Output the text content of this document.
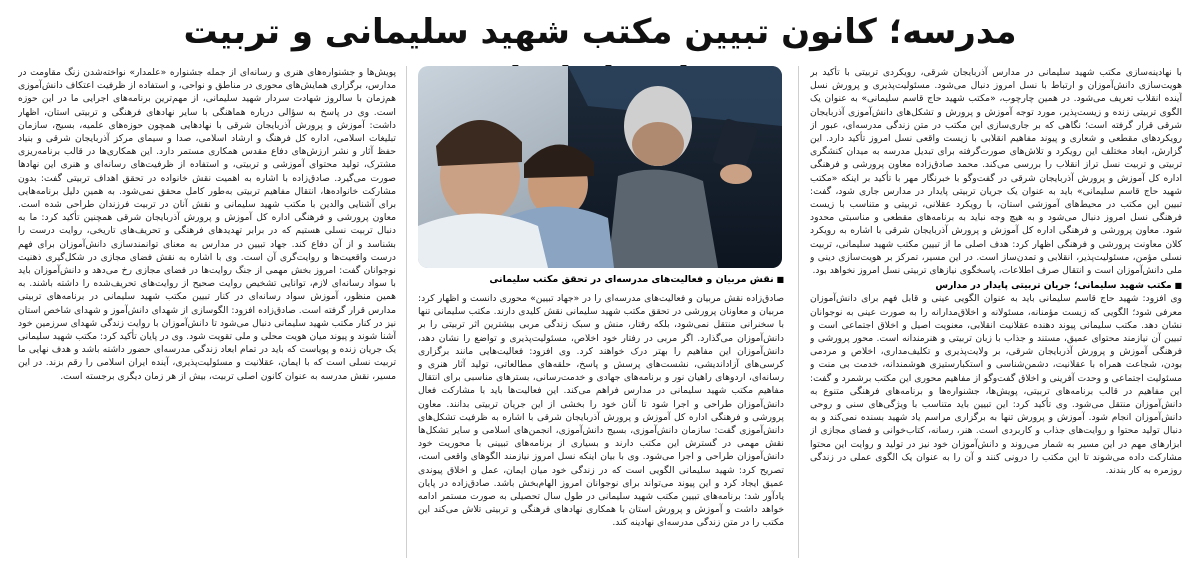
مدرسه؛ کانون تبیین مکتب شهید سلیمانی و تربیت

با نهادینه‌سازی مکتب شهید سلیمانی در مدارس آذربایجان شرقی، رویکردی تربیتی با تأکید بر هویت‌سازی دانش‌آموزان و ارتباط با نسل امروز دنبال می‌شود. مسئولیت‌پذیری و پرورش نسل آینده انقلاب تعریف می‌شود. در همین چارچوب، «مکتب شهید حاج قاسم سلیمانی» به عنوان یک الگوی تربیتی زنده و زیست‌پذیر، مورد توجه آموزش و پرورش و تشکل‌های دانش‌آموزی آذربایجان شرقی قرار گرفته است؛ نگاهی که بر جاری‌سازی این مکتب در متن زندگی مدرسه‌ای، عبور از رویکردهای مقطعی و شعاری و پیوند مفاهیم انقلابی با زیست واقعی نسل امروز تأکید دارد. این گزارش، ابعاد مختلف این رویکرد و تلاش‌های صورت‌گرفته برای تبدیل مدرسه به میدان کنشگری تربیتی و تربیت نسل تراز انقلاب را بررسی می‌کند. محمد صادق‌زاده معاون پرورشی و فرهنگی اداره کل آموزش و پرورش آذربایجان شرقی در گفت‌وگو با خبرنگار مهر با تأکید بر اینکه «مکتب شهید حاج قاسم سلیمانی» باید به عنوان یک جریان تربیتی پایدار در مدارس جاری شود، گفت: تبیین این مکتب در محیط‌های آموزشی استان، با رویکرد عقلانی، تربیتی و متناسب با زیست فرهنگی نسل امروز دنبال می‌شود و به هیچ وجه نباید به برنامه‌های مقطعی و مناسبتی محدود شود. معاون پرورشی و فرهنگی اداره کل آموزش و پرورش آذربایجان شرقی با اشاره به رویکرد کلان معاونت پرورشی و فرهنگی اظهار کرد: هدف اصلی ما از تبیین مکتب شهید سلیمانی، تربیت نسلی مؤمن، مسئولیت‌پذیر، انقلابی و تمدن‌ساز است. در این مسیر، تمرکز بر هویت‌سازی دینی و ملی دانش‌آموزان است و انتقال صرف اطلاعات، پاسخگوی نیازهای تربیتی نسل امروز نخواهد بود.

■ مکتب شهید سلیمانی؛ جریان تربیتی پایدار در مدارس

وی افزود: شهید حاج قاسم سلیمانی باید به عنوان الگویی عینی و قابل فهم برای دانش‌آموزان معرفی شود؛ الگویی که زیست مؤمنانه، مسئولانه و اخلاق‌مدارانه را به صورت عینی به نوجوانان نشان دهد. مکتب سلیمانی پیوند دهنده عقلانیت انقلابی، معنویت اصیل و اخلاق اجتماعی است و تبیین آن نیازمند محتوای عمیق، مستند و جذاب با زبان تربیتی و هنرمندانه است. محور پرورشی و فرهنگی آموزش و پرورش آذربایجان شرقی، بر ولایت‌پذیری و تکلیف‌مداری، اخلاص و مردمی بودن، شجاعت همراه با عقلانیت، دشمن‌شناسی و استکبارستیزی هوشمندانه، خدمت بی منت و مسئولیت اجتماعی و وحدت آفرینی و اخلاق گفت‌وگو از مفاهیم محوری این مکتب برشمرد و گفت: این مفاهیم در قالب برنامه‌های تربیتی، پویش‌ها، جشنواره‌ها و برنامه‌های فرهنگی متنوع به دانش‌آموزان منتقل می‌شود. وی تأکید کرد: این تبیین باید متناسب با ویژگی‌های سنی و روحی دانش‌آموزان انجام شود. آموزش و پرورش تنها به برگزاری مراسم یاد شهید بسنده نمی‌کند و به دنبال تولید محتوا و روایت‌های جذاب و کاربردی است. هنر، رسانه، کتاب‌خوانی و فضای مجازی از ابزارهای مهم در این مسیر به شمار می‌روند و دانش‌آموزان خود نیز در تولید و روایت این محتوا مشارکت داده می‌شوند تا این مکتب را درونی کنند و آن را به عنوان یک الگوی عملی در زندگی روزمره به کار بندند.

■ نقش مربیان و فعالیت‌های مدرسه‌ای در تحقق مکتب سلیمانی

صادق‌زاده نقش مربیان و فعالیت‌های مدرسه‌ای را در «جهاد تبیین» محوری دانست و اظهار کرد: مربیان و معاونان پرورشی در تحقق مکتب شهید سلیمانی نقش کلیدی دارند. مکتب سلیمانی تنها با سخنرانی منتقل نمی‌شود، بلکه رفتار، منش و سبک زندگی مربی بیشترین اثر تربیتی را بر دانش‌آموزان می‌گذارد. اگر مربی در رفتار خود اخلاص، مسئولیت‌پذیری و تواضع را نشان دهد، دانش‌آموزان این مفاهیم را بهتر درک خواهند کرد. وی افزود: فعالیت‌هایی مانند برگزاری کرسی‌های آزاداندیشی، نشست‌های پرسش و پاسخ، حلقه‌های مطالعاتی، تولید آثار هنری و رسانه‌ای، اردوهای راهیان نور و برنامه‌های جهادی و خدمت‌رسانی، بسترهای مناسبی برای انتقال مفاهیم مکتب شهید سلیمانی در مدارس فراهم می‌کند. این فعالیت‌ها باید با مشارکت فعال دانش‌آموزان طراحی و اجرا شود تا آنان خود را بخشی از این جریان تربیتی بدانند. معاون پرورشی و فرهنگی اداره کل آموزش و پرورش آذربایجان شرقی با اشاره به ظرفیت تشکل‌های دانش‌آموزی گفت: سازمان دانش‌آموزی، بسیج دانش‌آموزی، انجمن‌های اسلامی و سایر تشکل‌ها نقش مهمی در گسترش این مکتب دارند و بسیاری از برنامه‌های تبیینی با محوریت خود دانش‌آموزان طراحی و اجرا می‌شود. وی با بیان اینکه نسل امروز نیازمند الگوهای واقعی است، تصریح کرد: شهید سلیمانی الگویی است که در زندگی خود میان ایمان، عمل و اخلاق پیوندی عمیق ایجاد کرد و این پیوند می‌تواند برای نوجوانان امروز الهام‌بخش باشد. صادق‌زاده در پایان یادآور شد: برنامه‌های تبیین مکتب شهید سلیمانی در طول سال تحصیلی به صورت مستمر ادامه خواهد داشت و آموزش و پرورش استان با همکاری نهادهای فرهنگی و تربیتی تلاش می‌کند این مکتب را در متن زندگی مدرسه‌ای نهادینه کند.

پویش‌ها و جشنواره‌های هنری و رسانه‌ای از جمله جشنواره «علمدار» نواخته‌شدن زنگ مقاومت در مدارس، برگزاری همایش‌های محوری در مناطق و نواحی، و استفاده از ظرفیت اعتکاف دانش‌آموزی هم‌زمان با سالروز شهادت سردار شهید سلیمانی، از مهم‌ترین برنامه‌های اجرایی ما در این حوزه است. وی در پاسخ به سؤالی درباره هماهنگی با سایر نهادهای فرهنگی و تربیتی استان، اظهار داشت: آموزش و پرورش آذربایجان شرقی با نهادهایی همچون حوزه‌های علمیه، بسیج، سازمان تبلیغات اسلامی، اداره کل فرهنگ و ارشاد اسلامی، صدا و سیمای مرکز آذربایجان شرقی و بنیاد حفظ آثار و نشر ارزش‌های دفاع مقدس همکاری مستمر دارد. این همکاری‌ها در قالب برنامه‌ریزی مشترک، تولید محتوای آموزشی و تربیتی، و استفاده از ظرفیت‌های رسانه‌ای و هنری این نهادها صورت می‌گیرد. صادق‌زاده با اشاره به اهمیت نقش خانواده در تحقق اهداف تربیتی گفت: بدون مشارکت خانواده‌ها، انتقال مفاهیم تربیتی به‌طور کامل محقق نمی‌شود. به همین دلیل برنامه‌هایی برای آشنایی والدین با مکتب شهید سلیمانی و نقش آنان در تربیت فرزندان طراحی شده است. معاون پرورشی و فرهنگی اداره کل آموزش و پرورش آذربایجان شرقی همچنین تأکید کرد: ما به دنبال تربیت نسلی هستیم که در برابر تهدیدهای فرهنگی و تحریف‌های تاریخی، روایت درست را بشناسد و از آن دفاع کند. جهاد تبیین در مدارس به معنای توانمندسازی دانش‌آموزان برای فهم درست واقعیت‌ها و روایت‌گری آن است. وی با اشاره به نقش فضای مجازی در شکل‌گیری ذهنیت نوجوانان گفت: امروز بخش مهمی از جنگ روایت‌ها در فضای مجازی رخ می‌دهد و دانش‌آموزان باید با سواد رسانه‌ای لازم، توانایی تشخیص روایت صحیح از روایت‌های تحریف‌شده را داشته باشند. به همین منظور، آموزش سواد رسانه‌ای در کنار تبیین مکتب شهید سلیمانی در برنامه‌های تربیتی مدارس قرار گرفته است. صادق‌زاده افزود: الگوسازی از شهدای دانش‌آموز و شهدای شاخص استان نیز در کنار مکتب شهید سلیمانی دنبال می‌شود تا دانش‌آموزان با روایت زندگی شهدای سرزمین خود آشنا شوند و پیوند میان هویت محلی و ملی تقویت شود. وی در پایان تأکید کرد: مکتب شهید سلیمانی یک جریان زنده و پویاست که باید در تمام ابعاد زندگی مدرسه‌ای حضور داشته باشد و هدف نهایی ما تربیت نسلی است که با ایمان، عقلانیت و مسئولیت‌پذیری، آینده ایران اسلامی را رقم بزند. در این مسیر، نقش مدرسه به عنوان کانون اصلی تربیت، بیش از هر زمان دیگری برجسته است.
